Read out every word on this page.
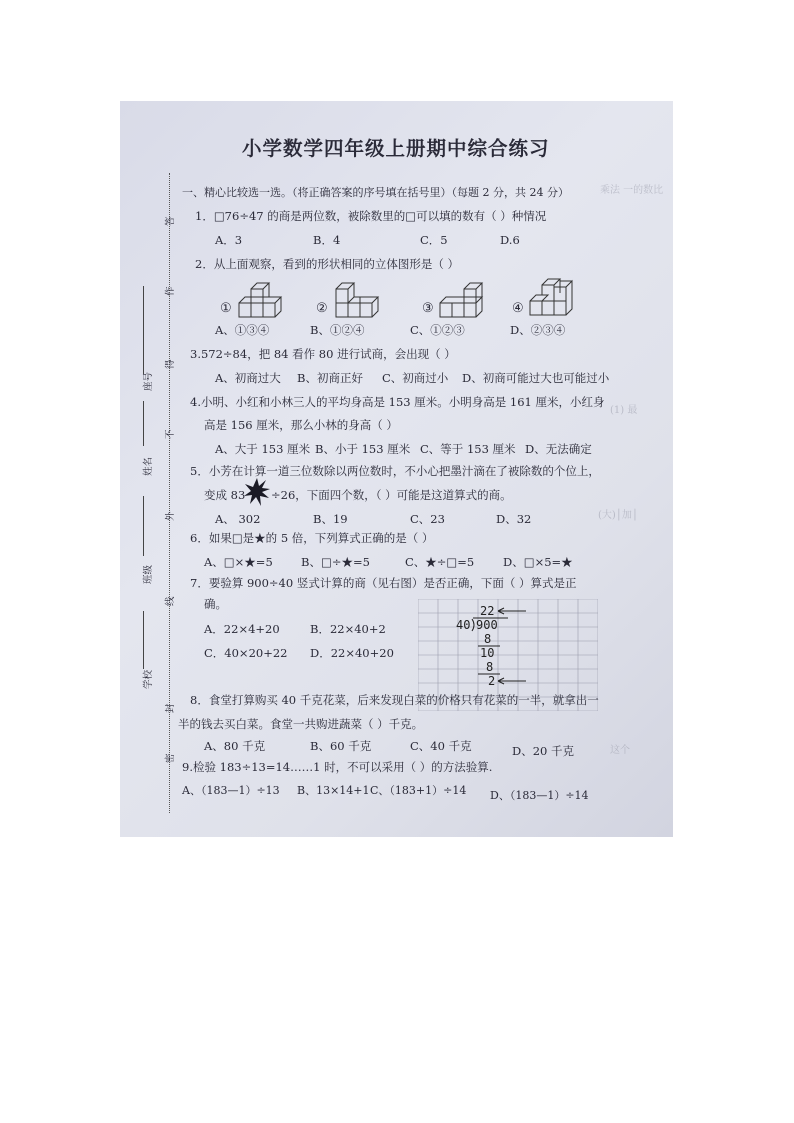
乘法 一的数比
(1) 最
(大)│加│
这个
答
作
得
座号
不
姓名
外
班级
线
学校
封
密
小学数学四年级上册期中综合练习
一、精心比较选一选。（将正确答案的序号填在括号里）（每题 2 分，共 24 分）
1．□76÷47 的商是两位数，被除数里的□可以填的数有（ ）种情况
A．3	B．4	C．5	D.6
2．从上面观察，看到的形状相同的立体图形是（ ）
①	②	③	④
A、①③④	B、①②④	C、①②③	D、②③④
3.572÷84，把 84 看作 80 进行试商，会出现（ ）
A、初商过大 B、初商正好 C、初商过小 D、初商可能过大也可能过小
4.小明、小红和小林三人的平均身高是 153 厘米。小明身高是 161 厘米，小红身
高是 156 厘米，那么小林的身高（ ）
A、大于 153 厘米 B、小于 153 厘米 C、等于 153 厘米 D、无法确定
5．小芳在计算一道三位数除以两位数时，不小心把墨汁滴在了被除数的个位上，
变成 83 ÷26，下面四个数，（ ）可能是这道算式的商。
A、 302	B、19	C、23	D、32
6．如果□是★的 5 倍，下列算式正确的是（ ）
A、□×★=5 B、□÷★=5	C、★÷□=5 D、□×5=★
7．要验算 900÷40 竖式计算的商（见右图）是否正确，下面（ ）算式是正
确。
A．22×4+20	B．22×40+2
C．40×20+22 D．22×40+20
22
40 900
8
10
8
2
8．食堂打算购买 40 千克花菜，后来发现白菜的价格只有花菜的一半，就拿出一
半的钱去买白菜。食堂一共购进蔬菜（ ）千克。
A、80 千克	B、60 千克	C、40 千克	D、20 千克
9.检验 183÷13=14……1 时，不可以采用（ ）的方法验算.
A、（183—1）÷13 B、13×14+1 C、（183+1）÷14 D、（183—1）÷14
